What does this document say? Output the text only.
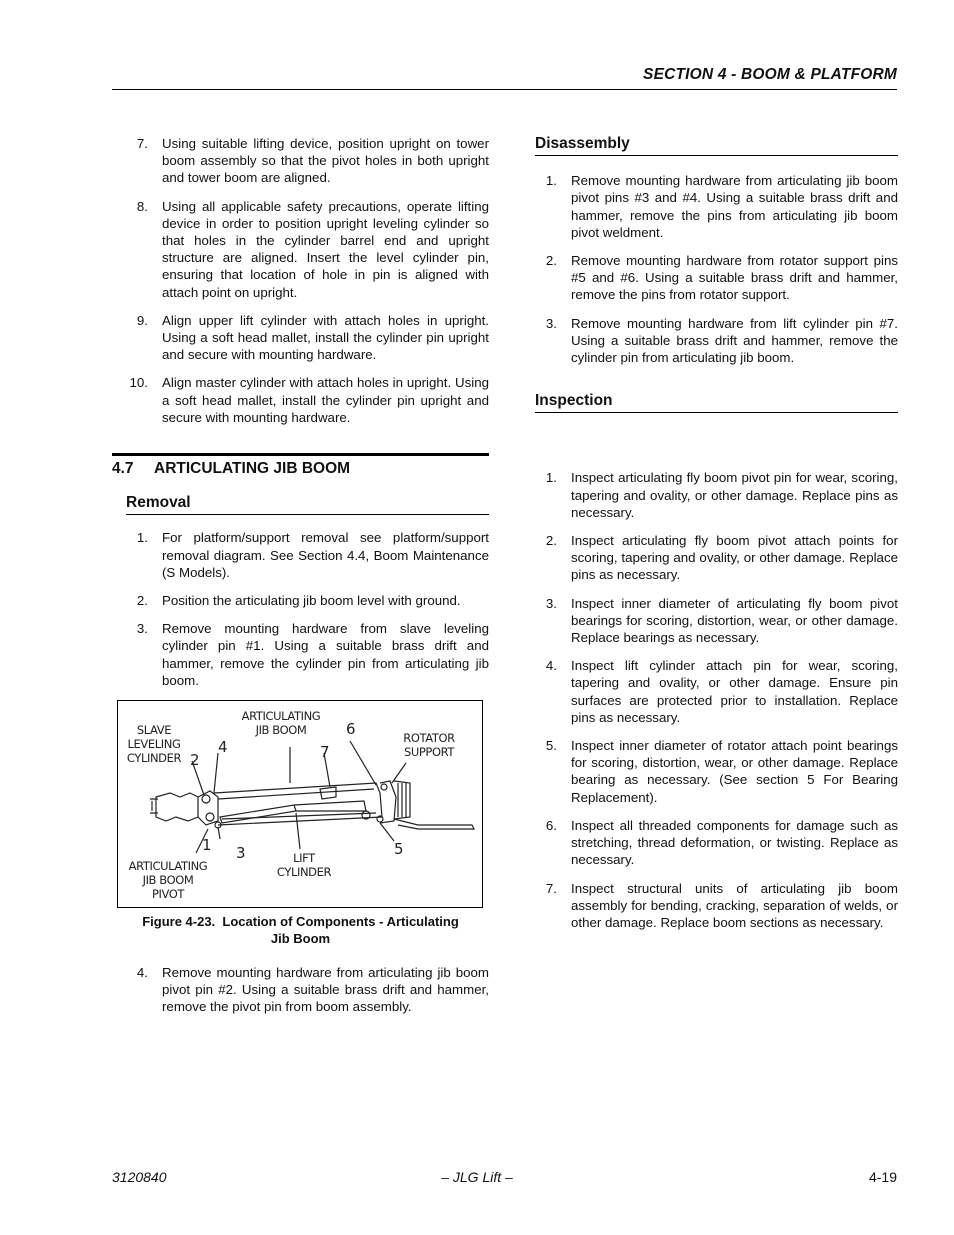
SECTION 4 - BOOM & PLATFORM
7. Using suitable lifting device, position upright on tower boom assembly so that the pivot holes in both upright and tower boom are aligned.
8. Using all applicable safety precautions, operate lifting device in order to position upright leveling cylinder so that holes in the cylinder barrel end and upright structure are aligned. Insert the level cylinder pin, ensuring that location of hole in pin is aligned with attach point on upright.
9. Align upper lift cylinder with attach holes in upright. Using a soft head mallet, install the cylinder pin upright and secure with mounting hardware.
10. Align master cylinder with attach holes in upright. Using a soft head mallet, install the cylinder pin upright and secure with mounting hardware.
4.7 ARTICULATING JIB BOOM
Removal
1. For platform/support removal see platform/support removal diagram. See Section 4.4, Boom Maintenance (S Models).
2. Position the articulating jib boom level with ground.
3. Remove mounting hardware from slave leveling cylinder pin #1. Using a suitable brass drift and hammer, remove the cylinder pin from articulating jib boom.
SLAVE
LEVELING
CYLINDER
ARTICULATING
JIB BOOM
ROTATOR
SUPPORT
ARTICULATING
JIB BOOM
PIVOT
LIFT
CYLINDER
2
4
6
7
1 3	5
Figure 4-23.  Location of Components - Articulating
Jib Boom
4. Remove mounting hardware from articulating jib boom pivot pin #2. Using a suitable brass drift and hammer, remove the pivot pin from boom assembly.
Disassembly
1. Remove mounting hardware from articulating jib boom pivot pins #3 and #4. Using a suitable brass drift and hammer, remove the pins from articulating jib boom pivot weldment.
2. Remove mounting hardware from rotator support pins #5 and #6. Using a suitable brass drift and hammer, remove the pins from rotator support.
3. Remove mounting hardware from lift cylinder pin #7. Using a suitable brass drift and hammer, remove the cylinder pin from articulating jib boom.
Inspection
1. Inspect articulating fly boom pivot pin for wear, scoring, tapering and ovality, or other damage. Replace pins as necessary.
2. Inspect articulating fly boom pivot attach points for scoring, tapering and ovality, or other damage. Replace pins as necessary.
3. Inspect inner diameter of articulating fly boom pivot bearings for scoring, distortion, wear, or other damage. Replace bearings as necessary.
4. Inspect lift cylinder attach pin for wear, scoring, tapering and ovality, or other damage. Ensure pin surfaces are protected prior to installation. Replace pins as necessary.
5. Inspect inner diameter of rotator attach point bearings for scoring, distortion, wear, or other damage. Replace bearing as necessary. (See section 5 For Bearing Replacement).
6. Inspect all threaded components for damage such as stretching, thread deformation, or twisting. Replace as necessary.
7. Inspect structural units of articulating jib boom assembly for bending, cracking, separation of welds, or other damage. Replace boom sections as necessary.
3120840	– JLG Lift –	4-19
